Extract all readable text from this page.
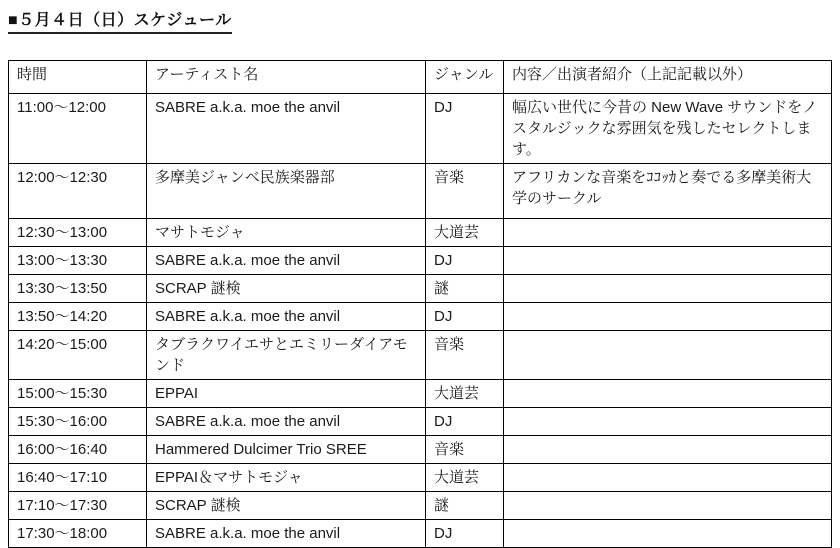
■５月４日（日）スケジュール
時間	アーティスト名	ジャンル	内容／出演者紹介（上記記載以外）
11:00～12:00	SABRE a.k.a. moe the anvil	DJ	幅広い世代に今昔の New Wave サウンドをノスタルジックな雰囲気を残したセレクトします。
12:00～12:30	多摩美ジャンベ民族楽器部	音楽	アフリカンな音楽をｺｺｯｶと奏でる多摩美術大学のサークル
12:30～13:00	マサトモジャ	大道芸	
13:00～13:30	SABRE a.k.a. moe the anvil	DJ	
13:30～13:50	SCRAP 謎検	謎	
13:50～14:20	SABRE a.k.a. moe the anvil	DJ	
14:20～15:00	タブラクワイエサとエミリーダイアモンド	音楽	
15:00～15:30	EPPAI	大道芸	
15:30～16:00	SABRE a.k.a. moe the anvil	DJ	
16:00～16:40	Hammered Dulcimer Trio SREE	音楽	
16:40～17:10	EPPAI＆マサトモジャ	大道芸	
17:10～17:30	SCRAP 謎検	謎	
17:30～18:00	SABRE a.k.a. moe the anvil	DJ	
